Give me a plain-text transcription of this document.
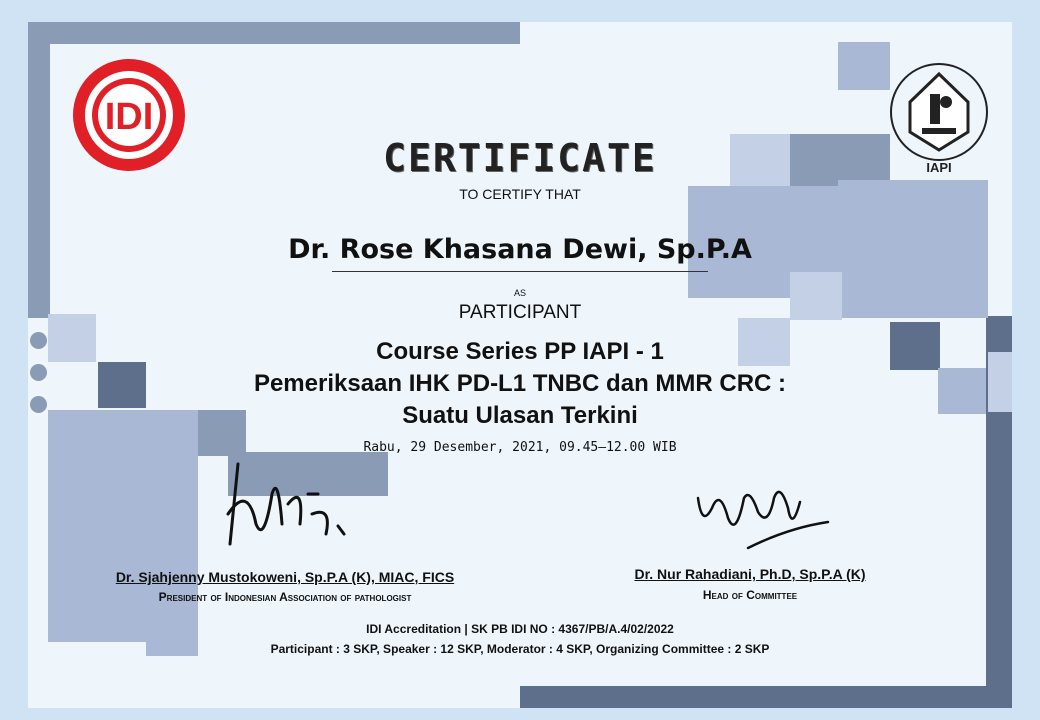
IDI
IAPI
CERTIFICATE
TO CERTIFY THAT
Dr. Rose Khasana Dewi, Sp.P.A
AS
PARTICIPANT
Course Series PP IAPI - 1
Pemeriksaan IHK PD-L1 TNBC dan MMR CRC :
Suatu Ulasan Terkini
Rabu, 29 Desember, 2021, 09.45—12.00 WIB
Dr. Sjahjenny Mustokoweni, Sp.P.A (K), MIAC, FICS
President of Indonesian Association of pathologist
Dr. Nur Rahadiani, Ph.D, Sp.P.A (K)
Head of Committee
IDI Accreditation | SK PB IDI NO : 4367/PB/A.4/02/2022
Participant : 3 SKP, Speaker : 12 SKP, Moderator : 4 SKP, Organizing Committee : 2 SKP
